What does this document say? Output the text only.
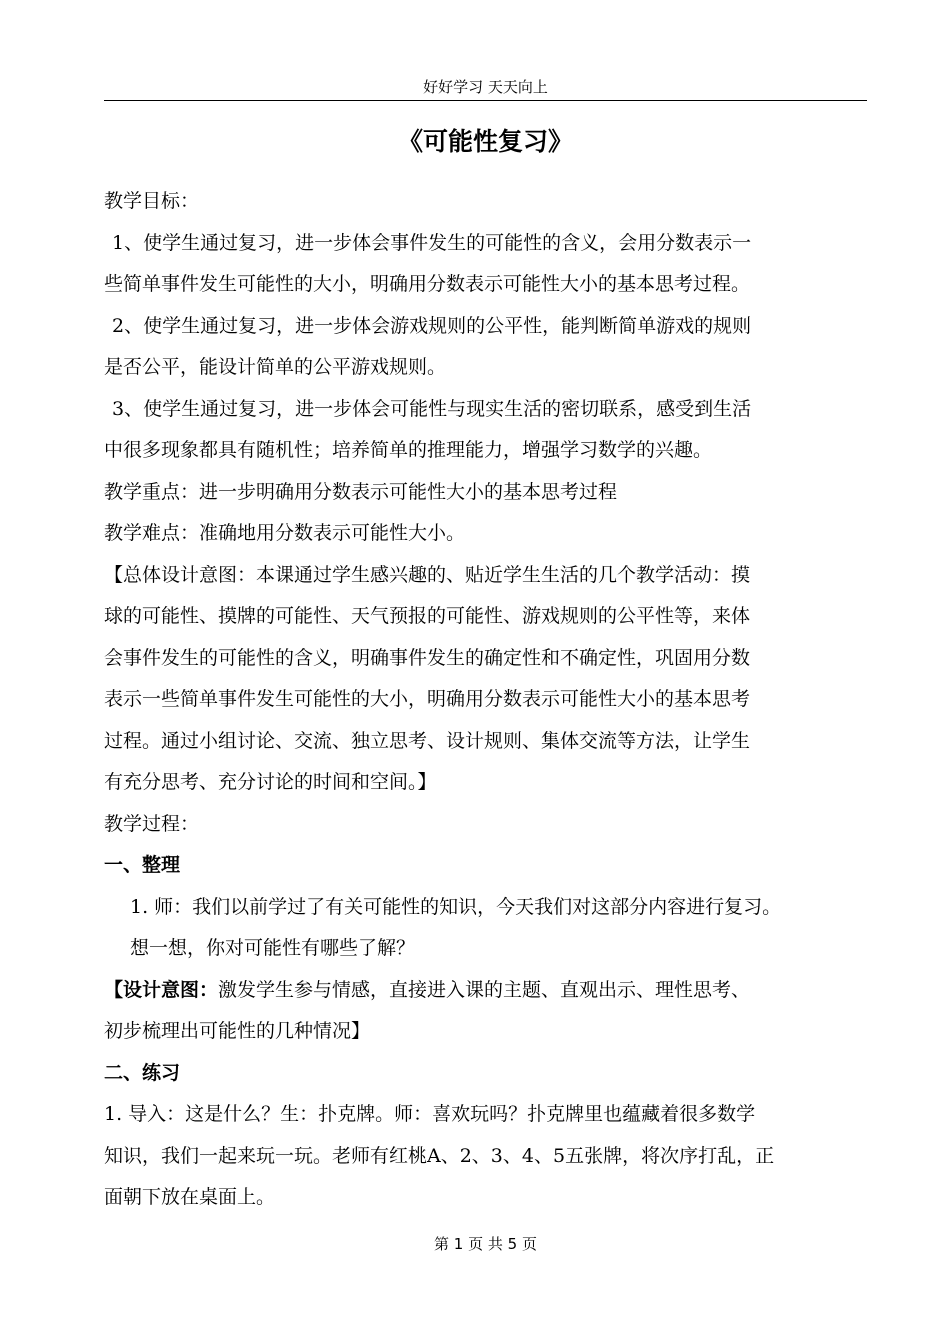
好好学习 天天向上
《可能性复习》
教学目标：
1、使学生通过复习，进一步体会事件发生的可能性的含义，会用分数表示一
些简单事件发生可能性的大小，明确用分数表示可能性大小的基本思考过程。
2、使学生通过复习，进一步体会游戏规则的公平性，能判断简单游戏的规则
是否公平，能设计简单的公平游戏规则。
3、使学生通过复习，进一步体会可能性与现实生活的密切联系，感受到生活
中很多现象都具有随机性；培养简单的推理能力，增强学习数学的兴趣。
教学重点：进一步明确用分数表示可能性大小的基本思考过程
教学难点：准确地用分数表示可能性大小。
【总体设计意图：本课通过学生感兴趣的、贴近学生生活的几个教学活动：摸
球的可能性、摸牌的可能性、天气预报的可能性、游戏规则的公平性等，来体
会事件发生的可能性的含义，明确事件发生的确定性和不确定性，巩固用分数
表示一些简单事件发生可能性的大小，明确用分数表示可能性大小的基本思考
过程。通过小组讨论、交流、独立思考、设计规则、集体交流等方法，让学生
有充分思考、充分讨论的时间和空间。】
教学过程：
一、整理
1. 师：我们以前学过了有关可能性的知识，今天我们对这部分内容进行复习。
想一想，你对可能性有哪些了解？
【设计意图：激发学生参与情感，直接进入课的主题、直观出示、理性思考、
初步梳理出可能性的几种情况】
二、练习
1. 导入：这是什么？生：扑克牌。师：喜欢玩吗？扑克牌里也蕴藏着很多数学
知识，我们一起来玩一玩。老师有红桃A、2、3、4、5五张牌，将次序打乱，正
面朝下放在桌面上。
第 1 页 共 5 页
